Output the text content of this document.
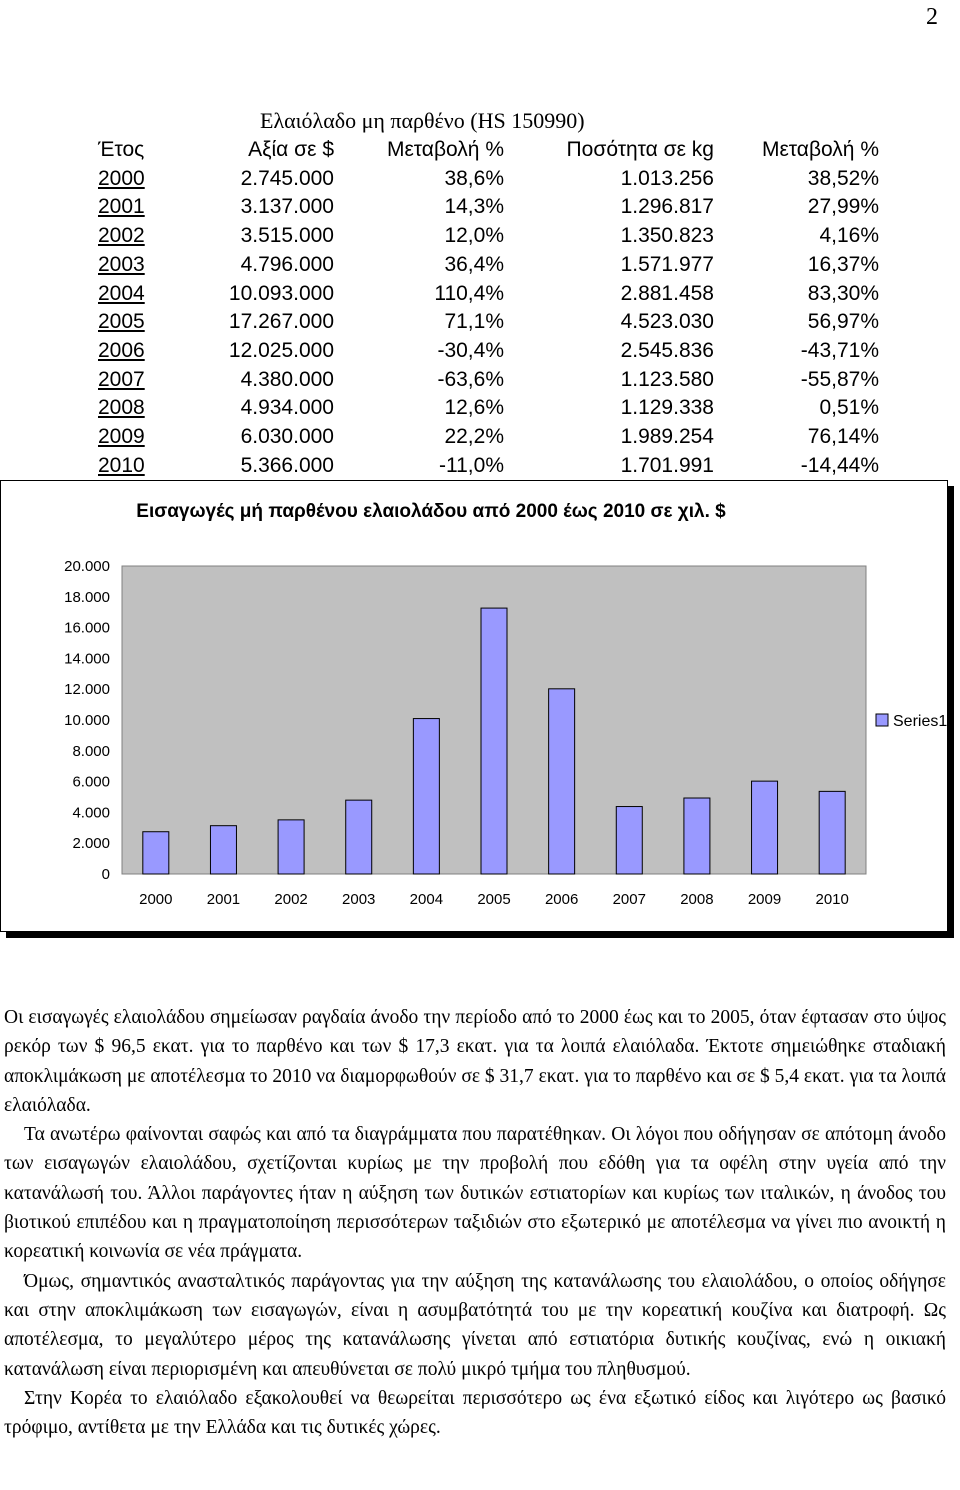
2
Ελαιόλαδο μη παρθένο (HS 150990)
Έτος	Αξία σε $	Μεταβολή %	Ποσότητα σε kg	Μεταβολή %
2000	2.745.000	38,6%	1.013.256	38,52%
2001	3.137.000	14,3%	1.296.817	27,99%
2002	3.515.000	12,0%	1.350.823	4,16%
2003	4.796.000	36,4%	1.571.977	16,37%
2004	10.093.000	110,4%	2.881.458	83,30%
2005	17.267.000	71,1%	4.523.030	56,97%
2006	12.025.000	-30,4%	2.545.836	-43,71%
2007	4.380.000	-63,6%	1.123.580	-55,87%
2008	4.934.000	12,6%	1.129.338	0,51%
2009	6.030.000	22,2%	1.989.254	76,14%
2010	5.366.000	-11,0%	1.701.991	-14,44%
Εισαγωγές μή παρθένου ελαιολάδου από 2000 έως 2010 σε χιλ. $
0
2.000
4.000
6.000
8.000
10.000
12.000
14.000
16.000
18.000
20.000
2000 2001 2002 2003 2004 2005 2006 2007 2008 2009 2010
Series1

Οι εισαγωγές ελαιολάδου σημείωσαν ραγδαία άνοδο την περίοδο από το 2000 έως και το 2005, όταν έφτασαν στο ύψος ρεκόρ των $ 96,5 εκατ. για το παρθένο και των $ 17,3 εκατ. για τα λοιπά ελαιόλαδα. Έκτοτε σημειώθηκε σταδιακή αποκλιμάκωση με αποτέλεσμα το 2010 να διαμορφωθούν σε $ 31,7 εκατ. για το παρθένο και σε $ 5,4 εκατ. για τα λοιπά ελαιόλαδα.

Τα ανωτέρω φαίνονται σαφώς και από τα διαγράμματα που παρατέθηκαν. Οι λόγοι που οδήγησαν σε απότομη άνοδο των εισαγωγών ελαιολάδου, σχετίζονται κυρίως με την προβολή που εδόθη για τα οφέλη στην υγεία από την κατανάλωσή του. Άλλοι παράγοντες ήταν η αύξηση των δυτικών εστιατορίων και κυρίως των ιταλικών, η άνοδος του βιοτικού επιπέδου και η πραγματοποίηση περισσότερων ταξιδιών στο εξωτερικό με αποτέλεσμα να γίνει πιο ανοικτή η κορεατική κοινωνία σε νέα πράγματα.

Όμως, σημαντικός ανασταλτικός παράγοντας για την αύξηση της κατανάλωσης του ελαιολάδου, ο οποίος οδήγησε και στην αποκλιμάκωση των εισαγωγών, είναι η ασυμβατότητά του με την κορεατική κουζίνα και διατροφή. Ως αποτέλεσμα, το μεγαλύτερο μέρος της κατανάλωσης γίνεται από εστιατόρια δυτικής κουζίνας, ενώ η οικιακή κατανάλωση είναι περιορισμένη και απευθύνεται σε πολύ μικρό τμήμα του πληθυσμού.

Στην Κορέα το ελαιόλαδο εξακολουθεί να θεωρείται περισσότερο ως ένα εξωτικό είδος και λιγότερο ως βασικό τρόφιμο, αντίθετα με την Ελλάδα και τις δυτικές χώρες.
